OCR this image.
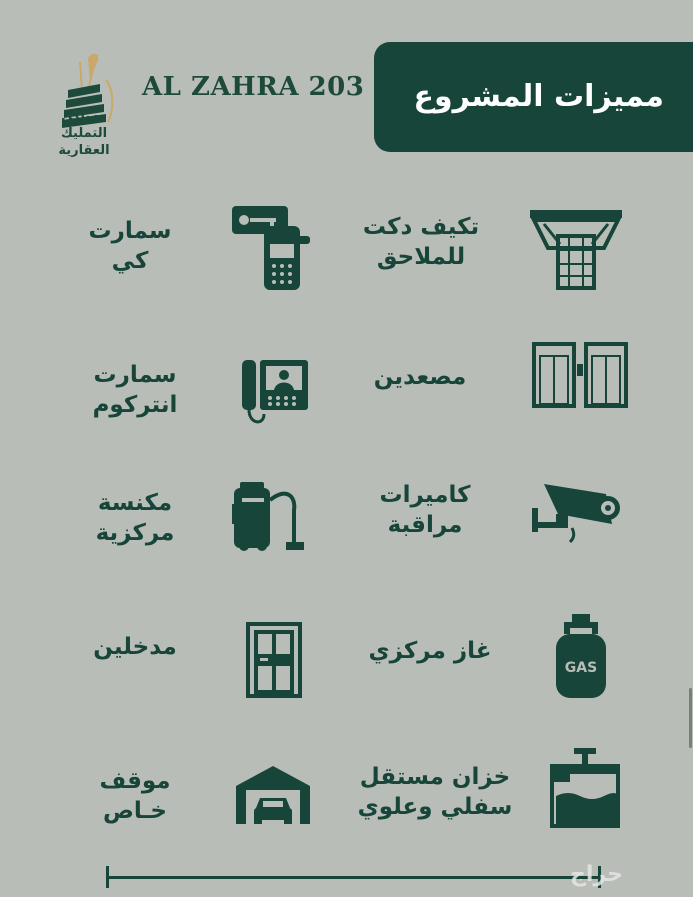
مساكن التمليك
العقارية
AL ZAHRA 203	مميزات المشروع
تكيف دكت
للملاحق
سمارت
كي
مصعدين
سمارت
انتركوم
كاميرات
مراقبة
مكنسة
مركزية
GAS
غاز مركزي
مدخلين
خزان مستقل
سفلي وعلوي
موقف
خـاص
حراج
